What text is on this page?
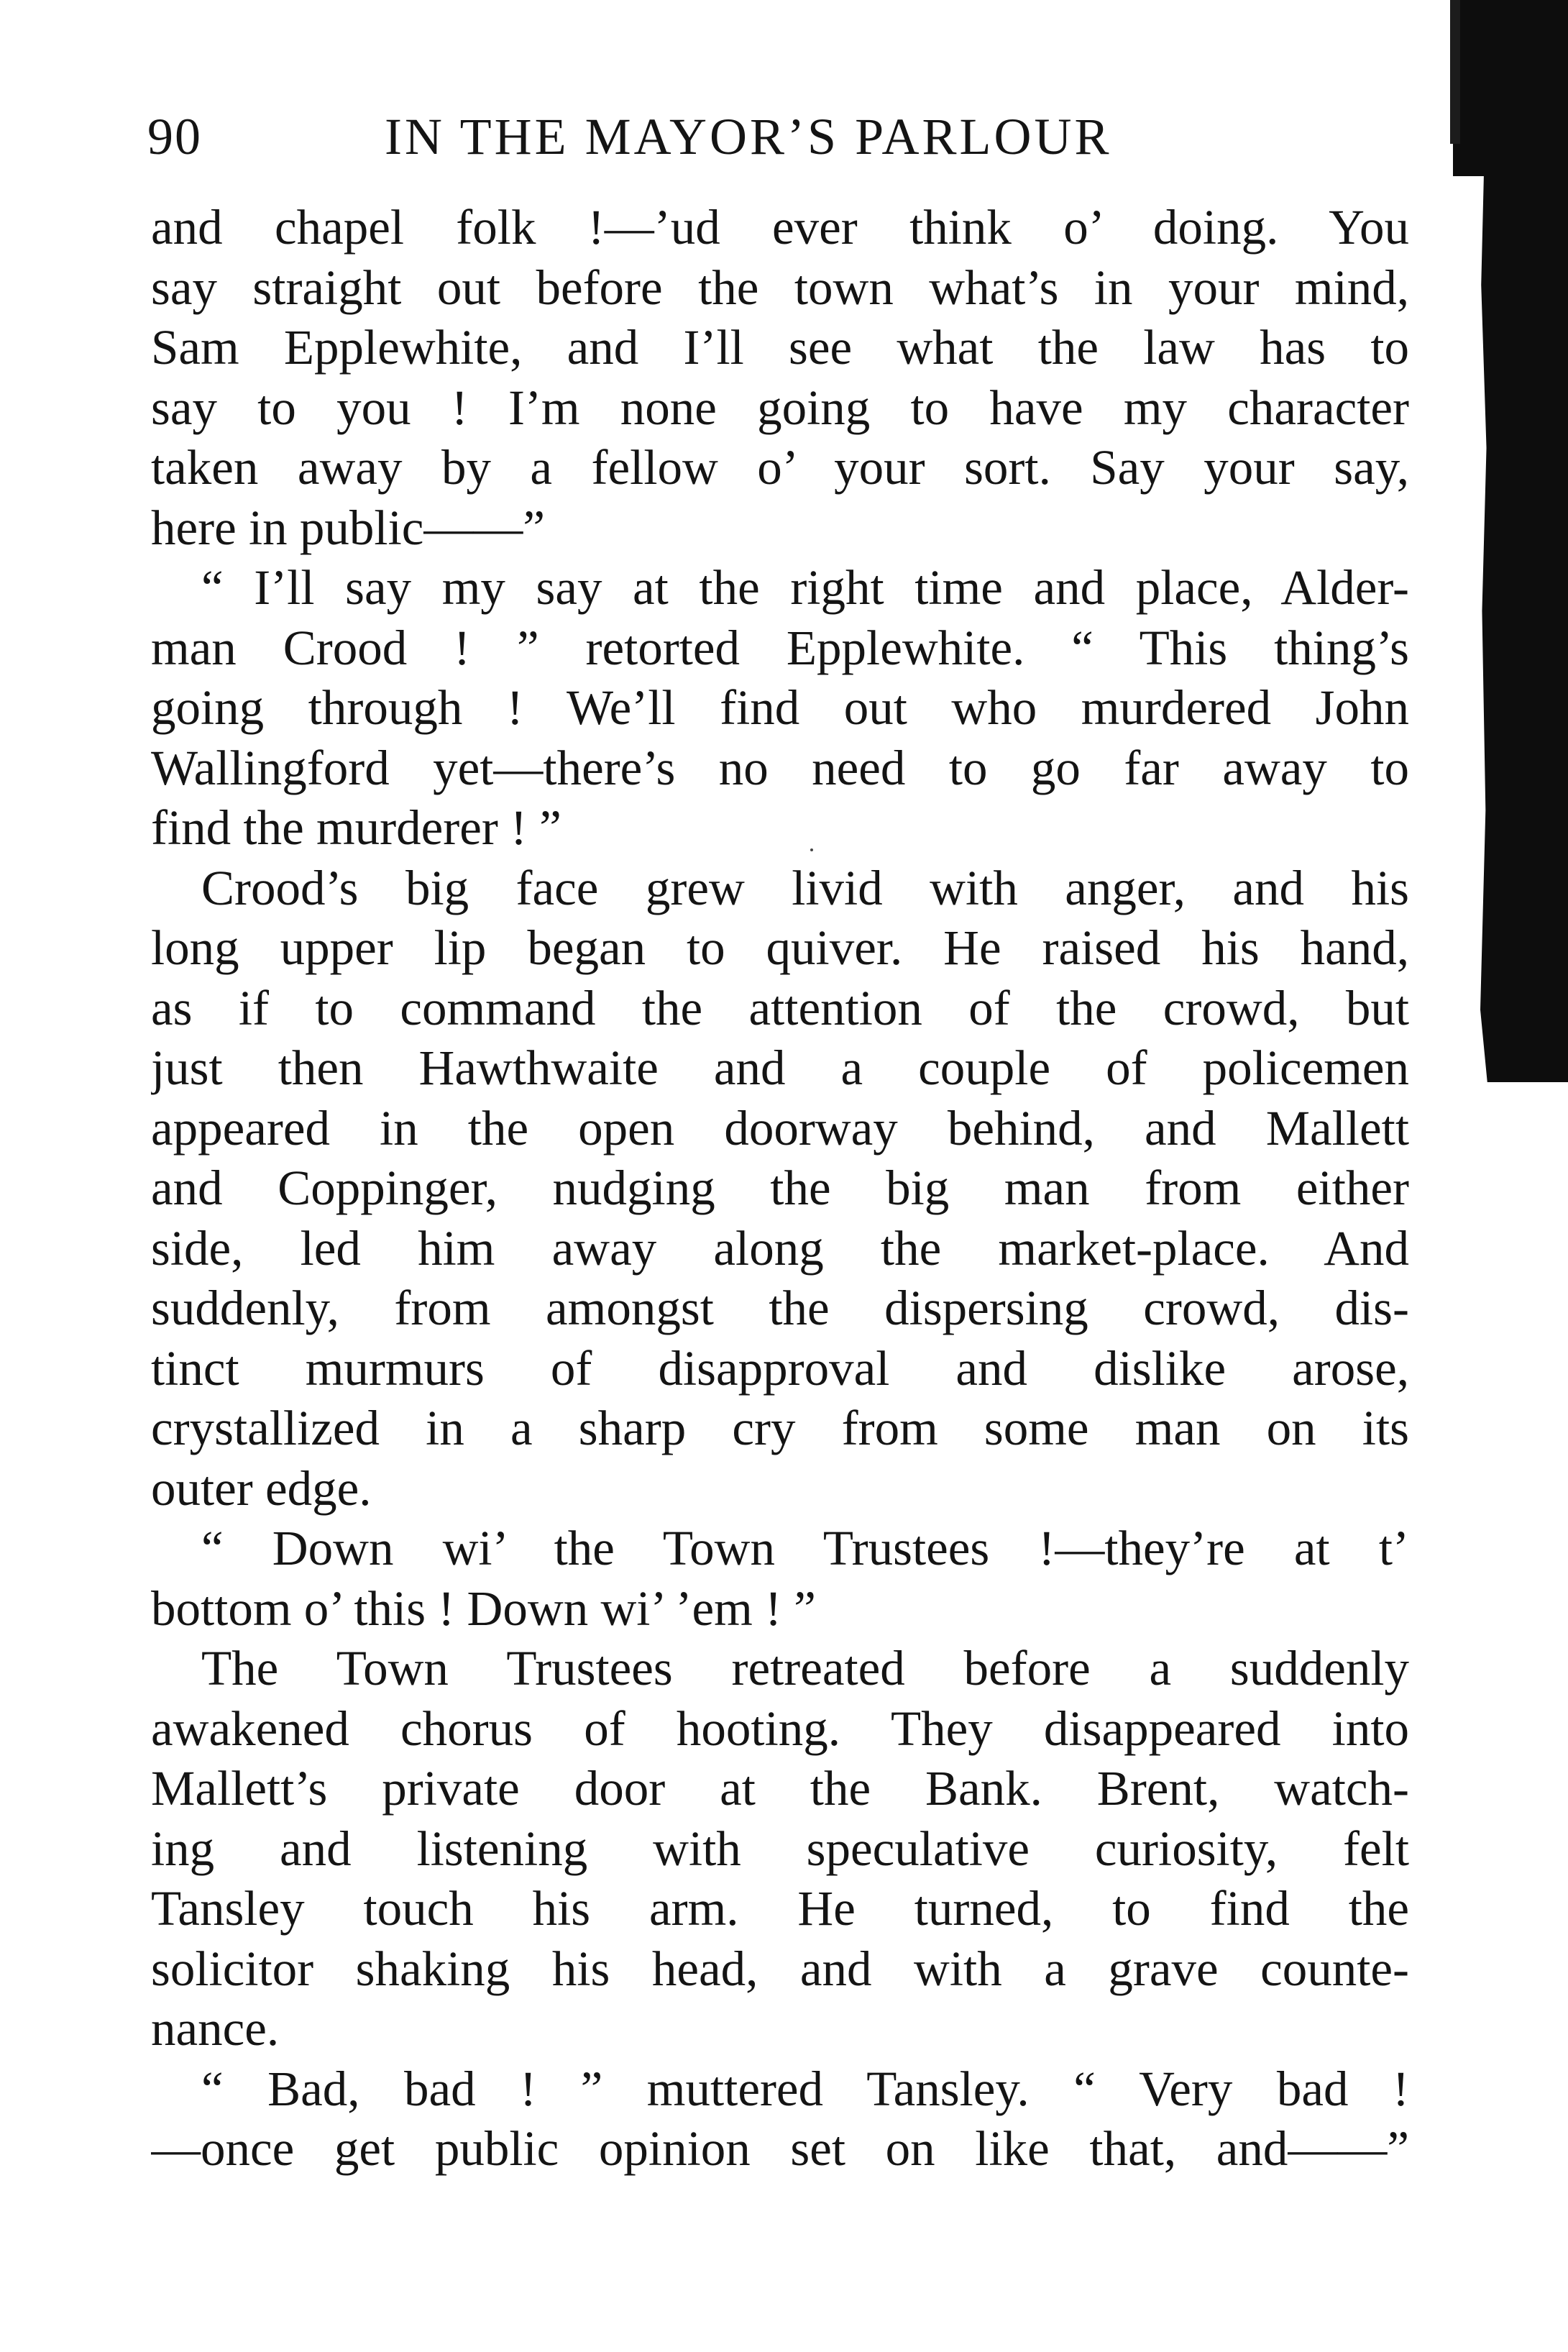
90	IN THE MAYOR’S PARLOUR
and chapel folk !—’ud ever think o’ doing. You
say straight out before the town what’s in your mind,
Sam Epplewhite, and I’ll see what the law has to
say to you ! I’m none going to have my character
taken away by a fellow o’ your sort. Say your say,
here in public——”
“ I’ll say my say at the right time and place, Alder-
man Crood ! ” retorted Epplewhite. “ This thing’s
going through ! We’ll find out who murdered John
Wallingford yet—there’s no need to go far away to
find the murderer ! ”
Crood’s big face grew livid with anger, and his
long upper lip began to quiver. He raised his hand,
as if to command the attention of the crowd, but
just then Hawthwaite and a couple of policemen
appeared in the open doorway behind, and Mallett
and Coppinger, nudging the big man from either
side, led him away along the market-place. And
suddenly, from amongst the dispersing crowd, dis-
tinct murmurs of disapproval and dislike arose,
crystallized in a sharp cry from some man on its
outer edge.
“ Down wi’ the Town Trustees !—they’re at t’
bottom o’ this ! Down wi’ ’em ! ”
The Town Trustees retreated before a suddenly
awakened chorus of hooting. They disappeared into
Mallett’s private door at the Bank. Brent, watch-
ing and listening with speculative curiosity, felt
Tansley touch his arm. He turned, to find the
solicitor shaking his head, and with a grave counte-
nance.
“ Bad, bad ! ” muttered Tansley. “ Very bad !
—once get public opinion set on like that, and——”
